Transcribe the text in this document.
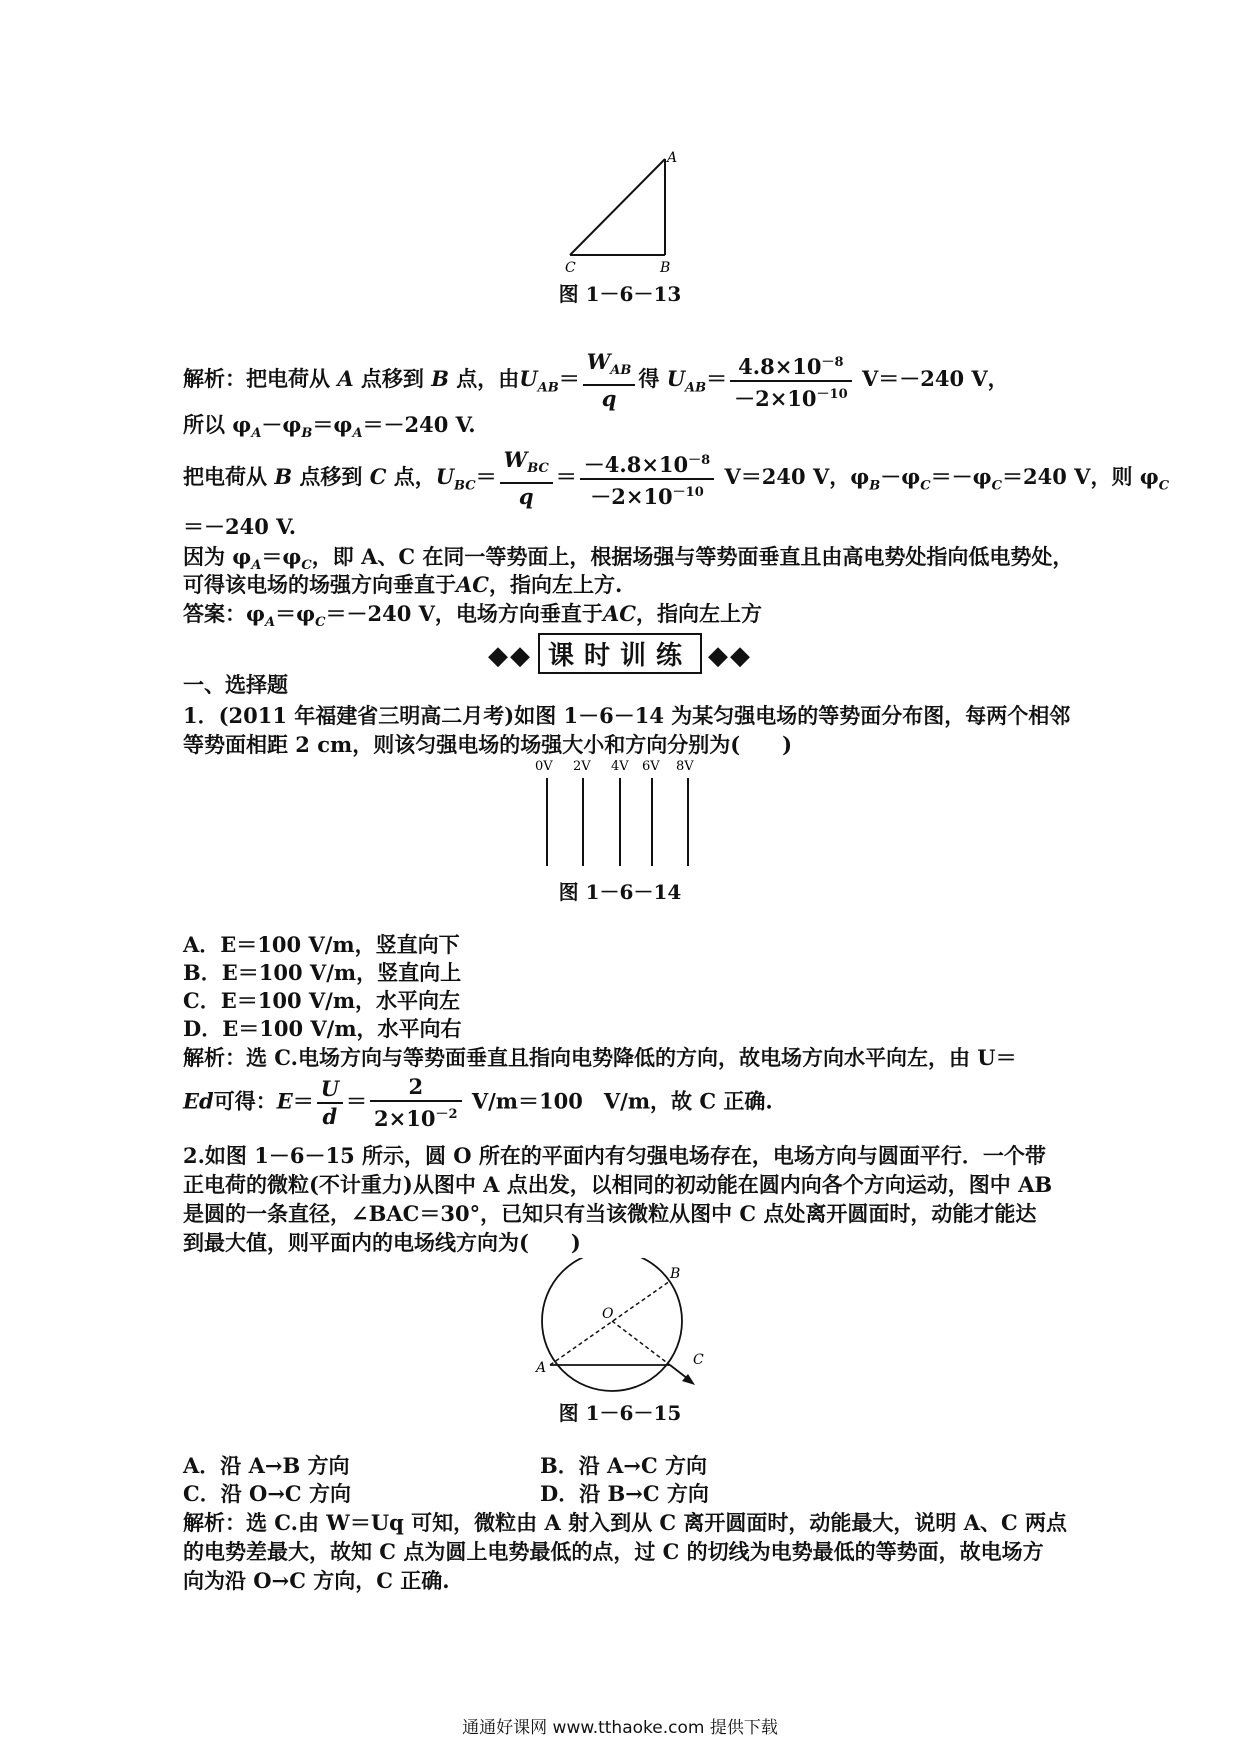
A
C	B
图 1－6－13
解析：把电荷从 A 点移到 B 点，由$U_{AB}= \frac{W_{AB}}{q}$ 得 $U_{AB}= \frac{4.8\times 10^{-8}}{-2\times 10^{-10}} V=-240$ V，
所以 $\varphi_A-\varphi_B=\varphi_A=-240$ V.
把电荷从 B 点移到 C 点，$U_{BC}= \frac{W_{BC}}{q} = \frac{-4.8\times 10^{-8}}{-2\times 10^{-10}} V=240$ V，$\varphi_B-\varphi_C=-\varphi_C=240$ V，则 $\varphi_C$
＝－240 V.
因为 $\varphi_A=\varphi_C$，即 A、C 在同一等势面上，根据场强与等势面垂直且由高电势处指向低电势处，
可得该电场的场强方向垂直于AC，指向左上方.
答案：$\varphi_A=\varphi_C=-240$ V，电场方向垂直于AC，指向左上方
◆◆ 课时训练 ◆◆
一、选择题
1．(2011 年福建省三明高二月考)如图 1－6－14 为某匀强电场的等势面分布图，每两个相邻
等势面相距 2 cm，则该匀强电场的场强大小和方向分别为(　　)
0V 2V 4V 6V 8V
图 1－6－14
A．E＝100 V/m，竖直向下
B．E＝100 V/m，竖直向上
C．E＝100 V/m，水平向左
D．E＝100 V/m，水平向右
解析：选 C.电场方向与等势面垂直且指向电势降低的方向，故电场方向水平向左，由 U＝
Ed可得：$E= \frac{U}{d} = \frac{2}{2\times 10^{-2}} V/m=100$　V/m，故 C 正确.
2.如图 1－6－15 所示，圆 O 所在的平面内有匀强电场存在，电场方向与圆面平行．一个带
正电荷的微粒(不计重力)从图中 A 点出发，以相同的初动能在圆内向各个方向运动，图中 AB
是圆的一条直径，∠BAC＝30°，已知只有当该微粒从图中 C 点处离开圆面时，动能才能达
到最大值，则平面内的电场线方向为(　　)
A
B
O
C
图 1－6－15
A．沿 A→B 方向	B．沿 A→C 方向
C．沿 O→C 方向	D．沿 B→C 方向
解析：选 C.由 W＝Uq 可知，微粒由 A 射入到从 C 离开圆面时，动能最大，说明 A、C 两点
的电势差最大，故知 C 点为圆上电势最低的点，过 C 的切线为电势最低的等势面，故电场方
向为沿 O→C 方向，C 正确.
通通好课网 www.tthaoke.com 提供下载
